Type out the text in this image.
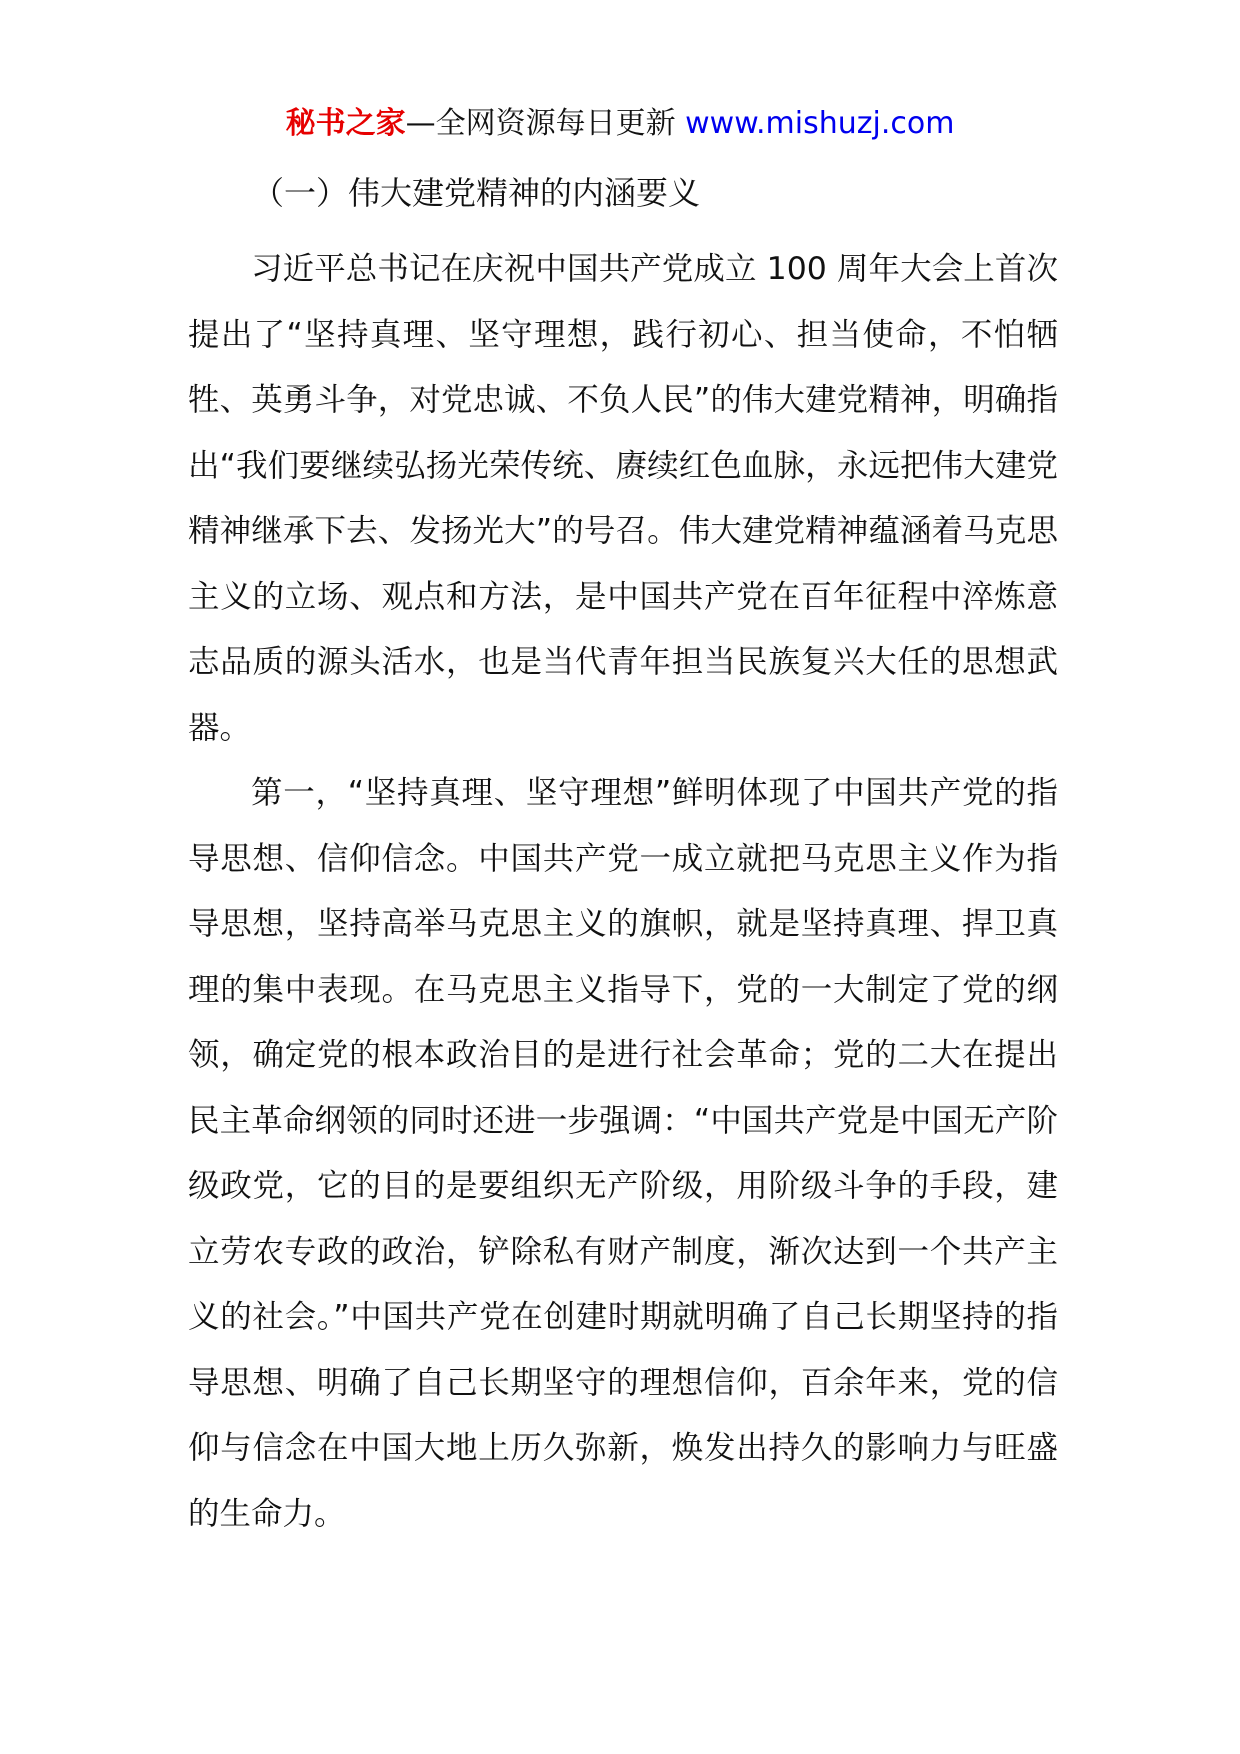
秘书之家—全网资源每日更新 www.mishuzj.com
（一）伟大建党精神的内涵要义

习近平总书记在庆祝中国共产党成立 100 周年大会上首次提出了“坚持真理、坚守理想，践行初心、担当使命，不怕牺牲、英勇斗争，对党忠诚、不负人民”的伟大建党精神，明确指出“我们要继续弘扬光荣传统、赓续红色血脉，永远把伟大建党精神继承下去、发扬光大”的号召。伟大建党精神蕴涵着马克思主义的立场、观点和方法，是中国共产党在百年征程中淬炼意志品质的源头活水，也是当代青年担当民族复兴大任的思想武器。

第一，“坚持真理、坚守理想”鲜明体现了中国共产党的指导思想、信仰信念。中国共产党一成立就把马克思主义作为指导思想，坚持高举马克思主义的旗帜，就是坚持真理、捍卫真理的集中表现。在马克思主义指导下，党的一大制定了党的纲领，确定党的根本政治目的是进行社会革命；党的二大在提出民主革命纲领的同时还进一步强调：“中国共产党是中国无产阶级政党，它的目的是要组织无产阶级，用阶级斗争的手段，建立劳农专政的政治，铲除私有财产制度，渐次达到一个共产主义的社会。”中国共产党在创建时期就明确了自己长期坚持的指导思想、明确了自己长期坚守的理想信仰，百余年来，党的信仰与信念在中国大地上历久弥新，焕发出持久的影响力与旺盛的生命力。
